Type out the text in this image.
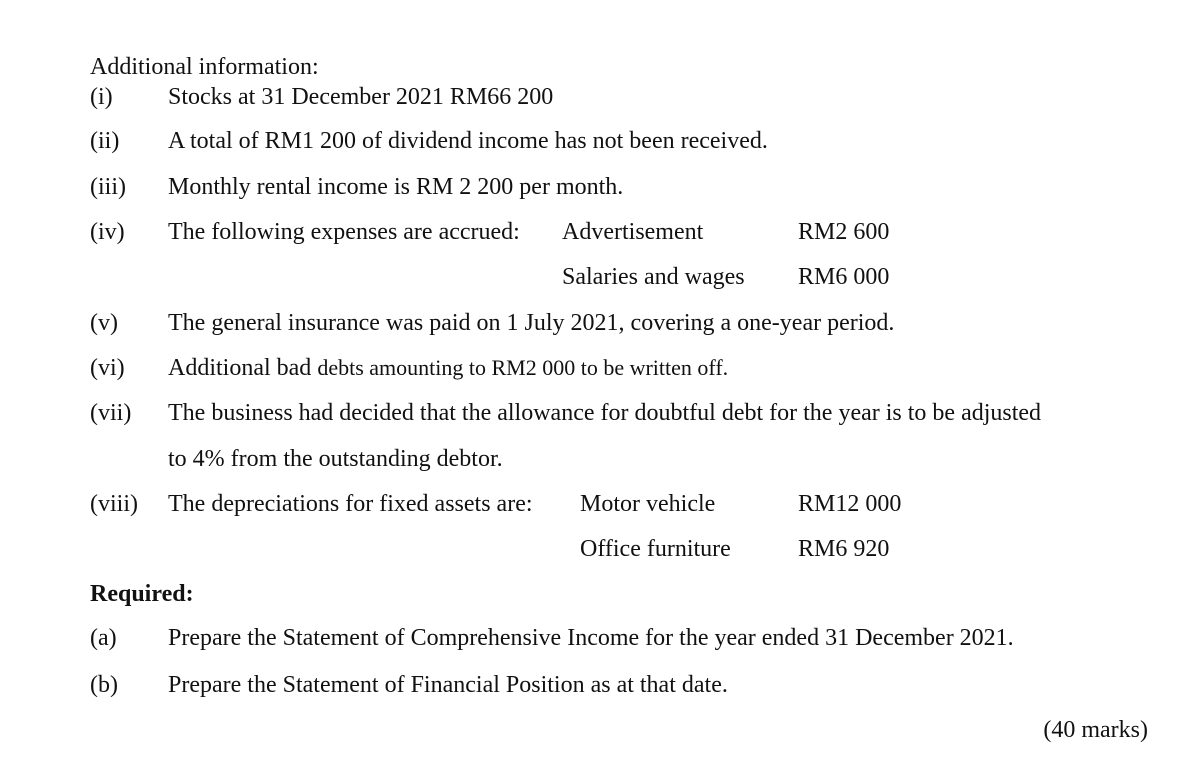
Additional information:
(i) Stocks at 31 December 2021 RM66 200
(ii) A total of RM1 200 of dividend income has not been received.
(iii) Monthly rental income is RM 2 200 per month.
(iv) The following expenses are accrued: Advertisement	RM2 600
Salaries and wages RM6 000
(v) The general insurance was paid on 1 July 2021, covering a one-year period.
(vi) Additional bad debts amounting to RM2 000 to be written off.
(vii) The business had decided that the allowance for doubtful debt for the year is to be adjusted
to 4% from the outstanding debtor.
(viii) The depreciations for fixed assets are: Motor vehicle	RM12 000
Office furniture	RM6 920
Required:
(a) Prepare the Statement of Comprehensive Income for the year ended 31 December 2021.
(b) Prepare the Statement of Financial Position as at that date.
(40 marks)
